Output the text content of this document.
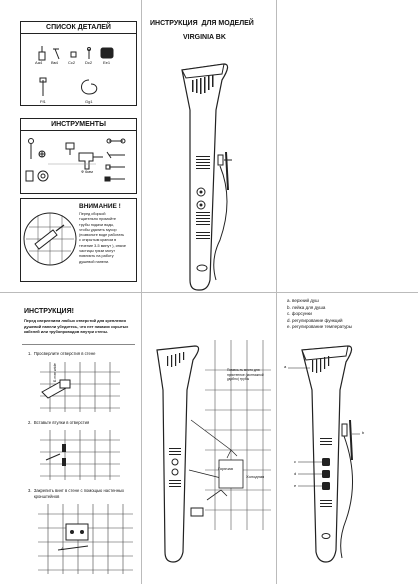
СПИСОК ДЕТАЛЕЙ
Аа4 Вв4 Сс2 Dс2	Ее1
Ff1	Gg1
ИНСТРУМЕНТЫ
Ф 6мм
ВНИМАНИЕ !
Перед сборкой
тщательно промойте
трубы подачи воды,
чтобы удалить мусор
(позвольте воде работать
с открытым краном в
течение 3-5 минут ), иначе
частицы грязи могут
повлиять на работу
душевой панели.
ИНСТРУКЦИЯ  ДЛЯ МОДЕЛЕЙ
VIRGINIA BK
ИНСТРУКЦИЯ!
Перед сверлением любых отверстий для крепления
душевой панели убедитесь, что нет никаких скрытых
кабелей или трубопроводов внутри стены.
1.  Просверлите отверстия в стене
Б mm wide
2.  Вставьте втулки в отверстия
3.  Закрепить винт в стене с помощью настенных
кронштейнов
А
Помесь-ть место для
пристенное (монтажной
удобно) трубы
Горячая
Холодная
а. верхний душ
b. лейка для душа
с. форсунки
d. регулирование функций
е. регулирование температуры
a
b
c
d
e
